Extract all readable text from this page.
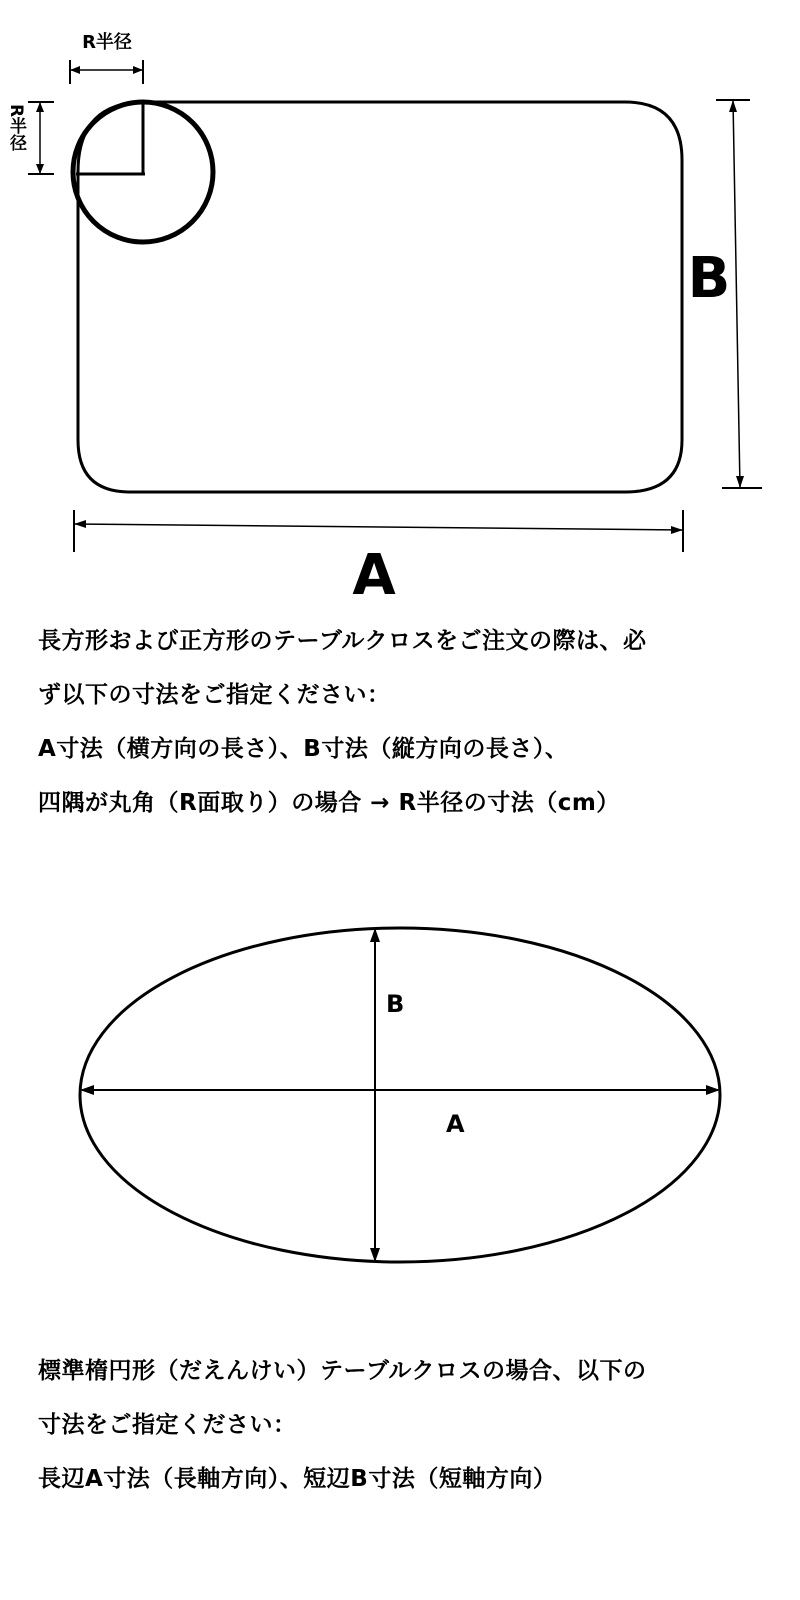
R半径
B
A
R半径
長方形および正方形のテーブルクロスをご注文の際は、必
ず以下の寸法をご指定ください：
A寸法（横方向の長さ）、B寸法（縦方向の長さ）、
四隅が丸角（R面取り）の場合 → R半径の寸法（cm）
B
A
標準楕円形（だえんけい）テーブルクロスの場合、以下の
寸法をご指定ください：
長辺A寸法（長軸方向）、短辺B寸法（短軸方向）
